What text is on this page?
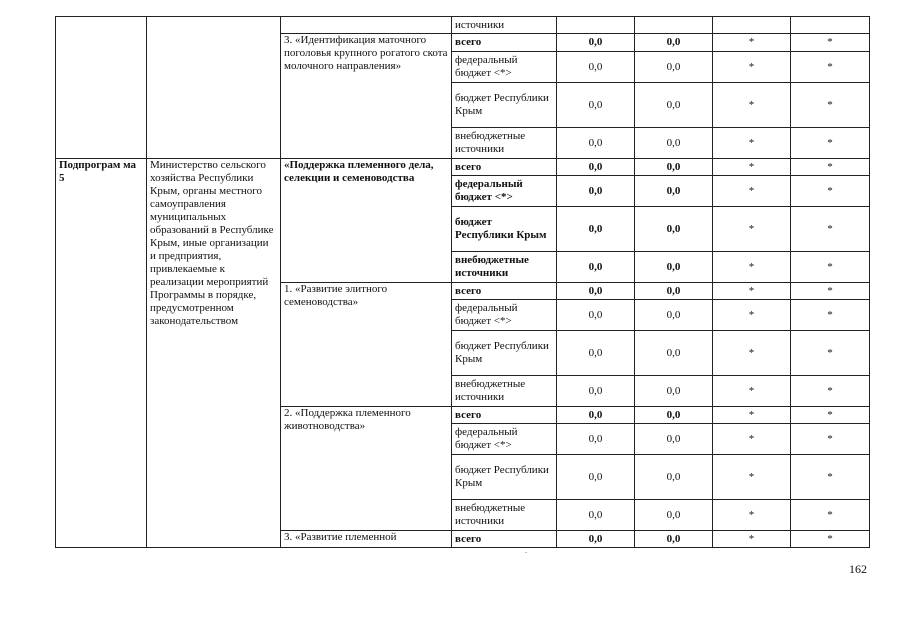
			источники				
		3. «Идентификация маточного поголовья крупного рогатого скота молочного направления»	всего	0,0	0,0	*	*
			федеральный бюджет <*>	0,0	0,0	*	*
			бюджет Республики Крым	0,0	0,0	*	*
			внебюджетные источники	0,0	0,0	*	*
Подпрограм ма 5	Министерство сельского хозяйства Республики Крым, органы местного самоуправления муниципальных образований в Республике Крым, иные организации и предприятия, привлекаемые к реализации мероприятий Программы в порядке, предусмотренном законодательством	«Поддержка племенного дела, селекции и семеноводства	всего	0,0	0,0	*	*
			федеральный бюджет <*>	0,0	0,0	*	*
			бюджет Республики Крым	0,0	0,0	*	*
			внебюджетные источники	0,0	0,0	*	*
		1. «Развитие элитного семеноводства»	всего	0,0	0,0	*	*
			федеральный бюджет <*>	0,0	0,0	*	*
			бюджет Республики Крым	0,0	0,0	*	*
			внебюджетные источники	0,0	0,0	*	*
		2. «Поддержка племенного животноводства»	всего	0,0	0,0	*	*
			федеральный бюджет <*>	0,0	0,0	*	*
			бюджет Республики Крым	0,0	0,0	*	*
			внебюджетные источники	0,0	0,0	*	*
		3. «Развитие племенной	всего	0,0	0,0	*	*
162
